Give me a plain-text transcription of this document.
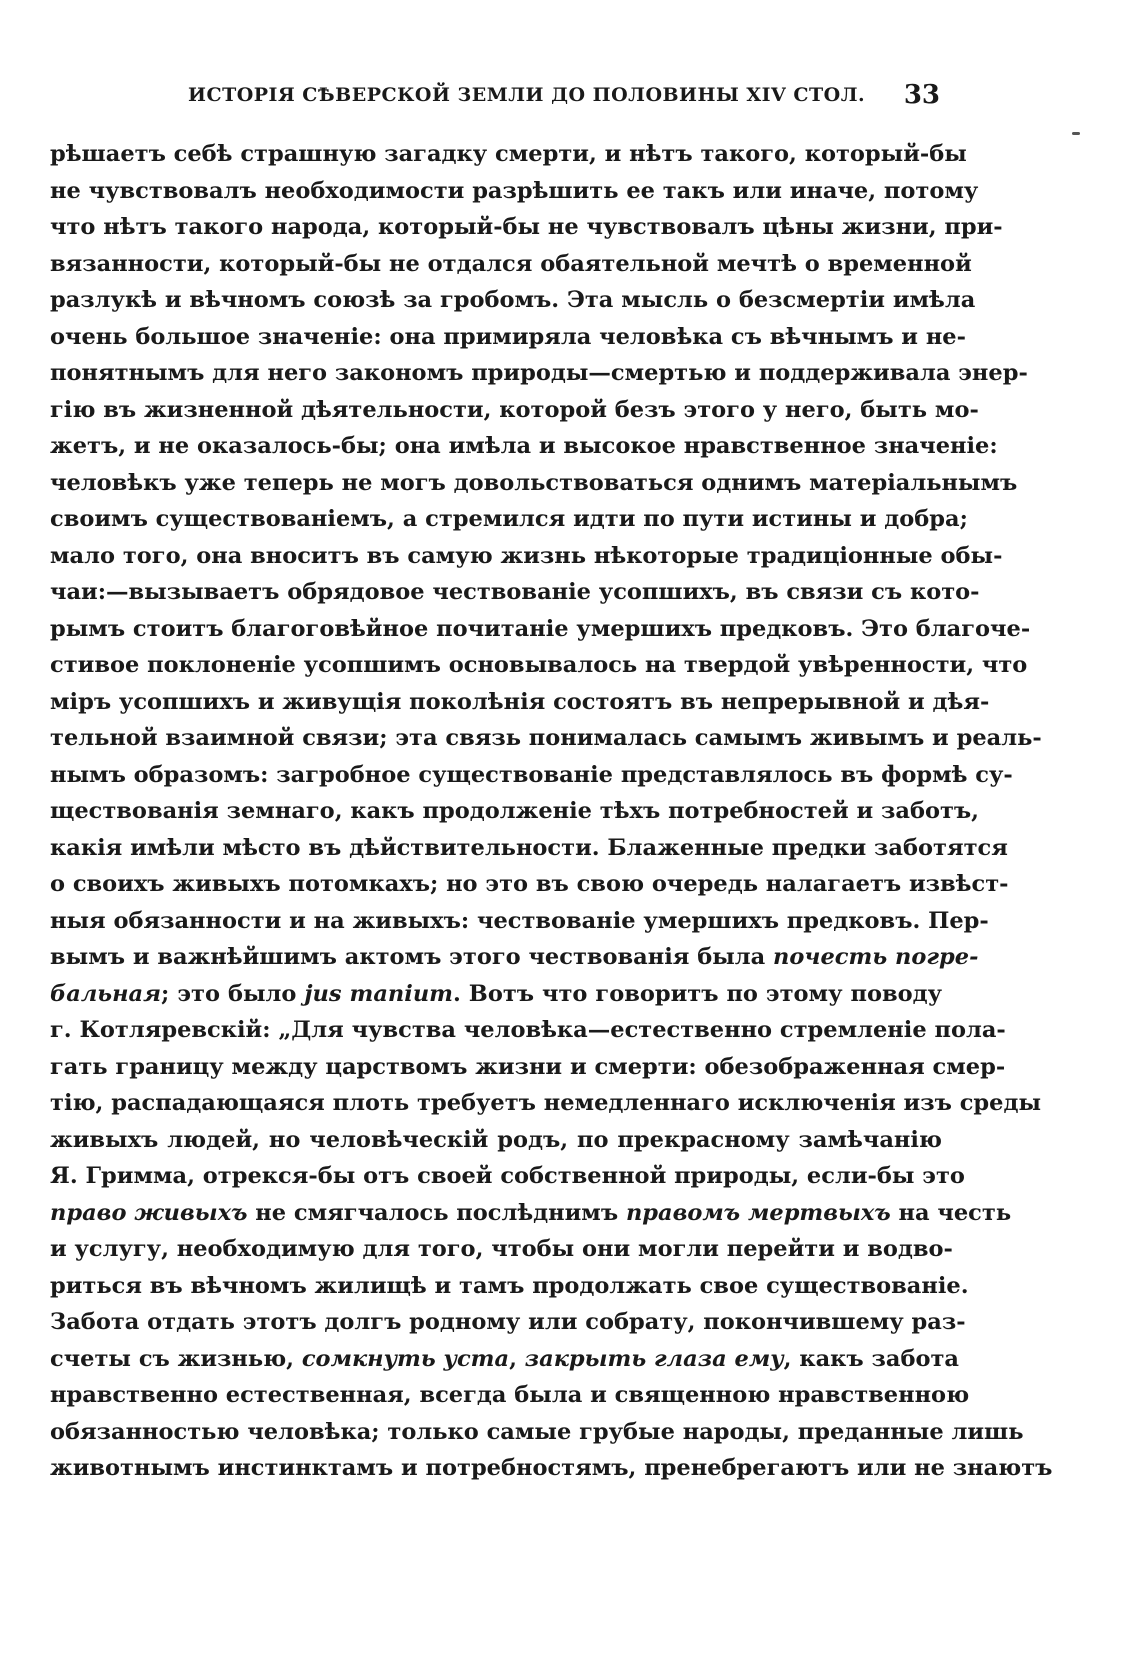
ИСТОРІЯ СѢВЕРСКОЙ ЗЕМЛИ ДО ПОЛОВИНЫ XIV СТОЛ. 33
рѣшаетъ себѣ страшную загадку смерти, и нѣтъ такого, который-бы
не чувствовалъ необходимости разрѣшить ее такъ или иначе, потому
что нѣтъ такого народа, который-бы не чувствовалъ цѣны жизни, при-
вязанности, который-бы не отдался обаятельной мечтѣ о временной
разлукѣ и вѣчномъ союзѣ за гробомъ. Эта мысль о безсмертіи имѣла
очень большое значеніе: она примиряла человѣка съ вѣчнымъ и не-
понятнымъ для него закономъ природы—смертью и поддерживала энер-
гію въ жизненной дѣятельности, которой безъ этого у него, быть мо-
жетъ, и не оказалось-бы; она имѣла и высокое нравственное значеніе:
человѣкъ уже теперь не могъ довольствоваться однимъ матеріальнымъ
своимъ существованіемъ, а стремился идти по пути истины и добра;
мало того, она вноситъ въ самую жизнь нѣкоторые традиціонные обы-
чаи:—вызываетъ обрядовое чествованіе усопшихъ, въ связи съ кото-
рымъ стоитъ благоговѣйное почитаніе умершихъ предковъ. Это благоче-
стивое поклоненіе усопшимъ основывалось на твердой увѣренности, что
міръ усопшихъ и живущія поколѣнія состоятъ въ непрерывной и дѣя-
тельной взаимной связи; эта связь понималась самымъ живымъ и реаль-
нымъ образомъ: загробное существованіе представлялось въ формѣ су-
ществованія земнаго, какъ продолженіе тѣхъ потребностей и заботъ,
какія имѣли мѣсто въ дѣйствительности. Блаженные предки заботятся
о своихъ живыхъ потомкахъ; но это въ свою очередь налагаетъ извѣст-
ныя обязанности и на живыхъ: чествованіе умершихъ предковъ. Пер-
вымъ и важнѣйшимъ актомъ этого чествованія была почесть погре-
бальная; это было jus manium. Вотъ что говоритъ по этому поводу
г. Котляревскій: „Для чувства человѣка—естественно стремленіе пола-
гать границу между царствомъ жизни и смерти: обезображенная смер-
тію, распадающаяся плоть требуетъ немедленнаго исключенія изъ среды
живыхъ людей, но человѣческій родъ, по прекрасному замѣчанію
Я. Гримма, отрекся-бы отъ своей собственной природы, если-бы это
право живыхъ не смягчалось послѣднимъ правомъ мертвыхъ на честь
и услугу, необходимую для того, чтобы они могли перейти и водво-
риться въ вѣчномъ жилищѣ и тамъ продолжать свое существованіе.
Забота отдать этотъ долгъ родному или собрату, покончившему раз-
счеты съ жизнью, сомкнуть уста, закрыть глаза ему, какъ забота
нравственно естественная, всегда была и священною нравственною
обязанностью человѣка; только самые грубые народы, преданные лишь
животнымъ инстинктамъ и потребностямъ, пренебрегаютъ или не знаютъ
